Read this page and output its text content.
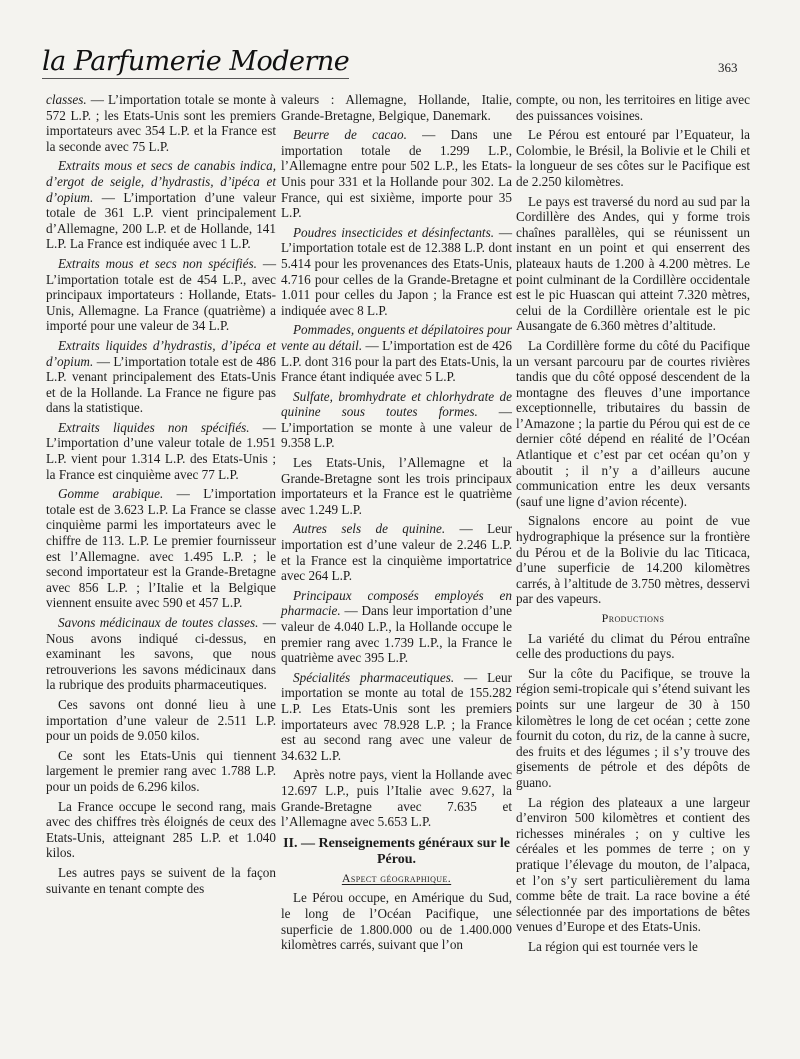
la Parfumerie Moderne	363

classes. — L’importation totale se monte à 572 L.P. ; les Etats-Unis sont les premiers importateurs avec 354 L.P. et la France est la seconde avec 75 L.P.

Extraits mous et secs de canabis indica, d’ergot de seigle, d’hydrastis, d’ipéca et d’opium. — L’importation d’une valeur totale de 361 L.P. vient principalement d’Allemagne, 200 L.P. et de Hollande, 141 L.P. La France est indiquée avec 1 L.P.

Extraits mous et secs non spécifiés. — L’importation totale est de 454 L.P., avec principaux importateurs : Hollande, Etats-Unis, Allemagne. La France (quatrième) a importé pour une valeur de 34 L.P.

Extraits liquides d’hydrastis, d’ipéca et d’opium. — L’importation totale est de 486 L.P. venant principalement des Etats-Unis et de la Hollande. La France ne figure pas dans la statistique.

Extraits liquides non spécifiés. — L’importation d’une valeur totale de 1.951 L.P. vient pour 1.314 L.P. des Etats-Unis ; la France est cinquième avec 77 L.P.

Gomme arabique. — L’importation totale est de 3.623 L.P. La France se classe cinquième parmi les importateurs avec le chiffre de 113. L.P. Le premier fournisseur est l’Allemagne. avec 1.495 L.P. ; le second importateur est la Grande-Bretagne avec 856 L.P. ; l’Italie et la Belgique viennent ensuite avec 590 et 457 L.P.

Savons médicinaux de toutes classes. — Nous avons indiqué ci-dessus, en examinant les savons, que nous retrouverions les savons médicinaux dans la rubrique des produits pharmaceutiques.

Ces savons ont donné lieu à une importation d’une valeur de 2.511 L.P. pour un poids de 9.050 kilos.

Ce sont les Etats-Unis qui tiennent largement le premier rang avec 1.788 L.P. pour un poids de 6.296 kilos.

La France occupe le second rang, mais avec des chiffres très éloignés de ceux des Etats-Unis, atteignant 285 L.P. et 1.040 kilos.

Les autres pays se suivent de la façon suivante en tenant compte des

valeurs : Allemagne, Hollande, Italie, Grande-Bretagne, Belgique, Danemark.

Beurre de cacao. — Dans une importation totale de 1.299 L.P., l’Allemagne entre pour 502 L.P., les Etats-Unis pour 331 et la Hollande pour 302. La France, qui est sixième, importe pour 35 L.P.

Poudres insecticides et désinfectants. — L’importation totale est de 12.388 L.P. dont 5.414 pour les provenances des Etats-Unis, 4.716 pour celles de la Grande-Bretagne et 1.011 pour celles du Japon ; la France est indiquée avec 8 L.P.

Pommades, onguents et dépilatoires pour vente au détail. — L’importation est de 426 L.P. dont 316 pour la part des Etats-Unis, la France étant indiquée avec 5 L.P.

Sulfate, bromhydrate et chlorhydrate de quinine sous toutes formes. — L’importation se monte à une valeur de 9.358 L.P.

Les Etats-Unis, l’Allemagne et la Grande-Bretagne sont les trois principaux importateurs et la France est le quatrième avec 1.249 L.P.

Autres sels de quinine. — Leur importation est d’une valeur de 2.246 L.P. et la France est la cinquième importatrice avec 264 L.P.

Principaux composés employés en pharmacie. — Dans leur importation d’une valeur de 4.040 L.P., la Hollande occupe le premier rang avec 1.739 L.P., la France le quatrième avec 395 L.P.

Spécialités pharmaceutiques. — Leur importation se monte au total de 155.282 L.P. Les Etats-Unis sont les premiers importateurs avec 78.928 L.P. ; la France est au second rang avec une valeur de 34.632 L.P.

Après notre pays, vient la Hollande avec 12.697 L.P., puis l’Italie avec 9.627, la Grande-Bretagne avec 7.635 et l’Allemagne avec 5.653 L.P.

II. — Renseignements généraux sur le Pérou.
Aspect géographique.

Le Pérou occupe, en Amérique du Sud, le long de l’Océan Pacifique, une superficie de 1.800.000 ou de 1.400.000 kilomètres carrés, suivant que l’on

compte, ou non, les territoires en litige avec des puissances voisines.

Le Pérou est entouré par l’Equateur, la Colombie, le Brésil, la Bolivie et le Chili et la longueur de ses côtes sur le Pacifique est de 2.250 kilomètres.

Le pays est traversé du nord au sud par la Cordillère des Andes, qui y forme trois chaînes parallèles, qui se réunissent un instant en un point et qui enserrent des plateaux hauts de 1.200 à 4.200 mètres. Le point culminant de la Cordillère occidentale est le pic Huascan qui atteint 7.320 mètres, celui de la Cordillère orientale est le pic Ausangate de 6.360 mètres d’altitude.

La Cordillère forme du côté du Pacifique un versant parcouru par de courtes rivières tandis que du côté opposé descendent de la montagne des fleuves d’une importance exceptionnelle, tributaires du bassin de l’Amazone ; la partie du Pérou qui est de ce dernier côté dépend en réalité de l’Océan Atlantique et c’est par cet océan qu’on y aboutit ; il n’y a d’ailleurs aucune communication entre les deux versants (sauf une ligne d’avion récente).

Signalons encore au point de vue hydrographique la présence sur la frontière du Pérou et de la Bolivie du lac Titicaca, d’une superficie de 14.200 kilomètres carrés, à l’altitude de 3.750 mètres, desservi par des vapeurs.

Productions

La variété du climat du Pérou entraîne celle des productions du pays.

Sur la côte du Pacifique, se trouve la région semi-tropicale qui s’étend suivant les points sur une largeur de 30 à 150 kilomètres le long de cet océan ; cette zone fournit du coton, du riz, de la canne à sucre, des fruits et des légumes ; il s’y trouve des gisements de pétrole et des dépôts de guano.

La région des plateaux a une largeur d’environ 500 kilomètres et contient des richesses minérales ; on y cultive les céréales et les pommes de terre ; on y pratique l’élevage du mouton, de l’alpaca, et l’on s’y sert particulièrement du lama comme bête de trait. La race bovine a été sélectionnée par des importations de bêtes venues d’Europe et des Etats-Unis.

La région qui est tournée vers le
